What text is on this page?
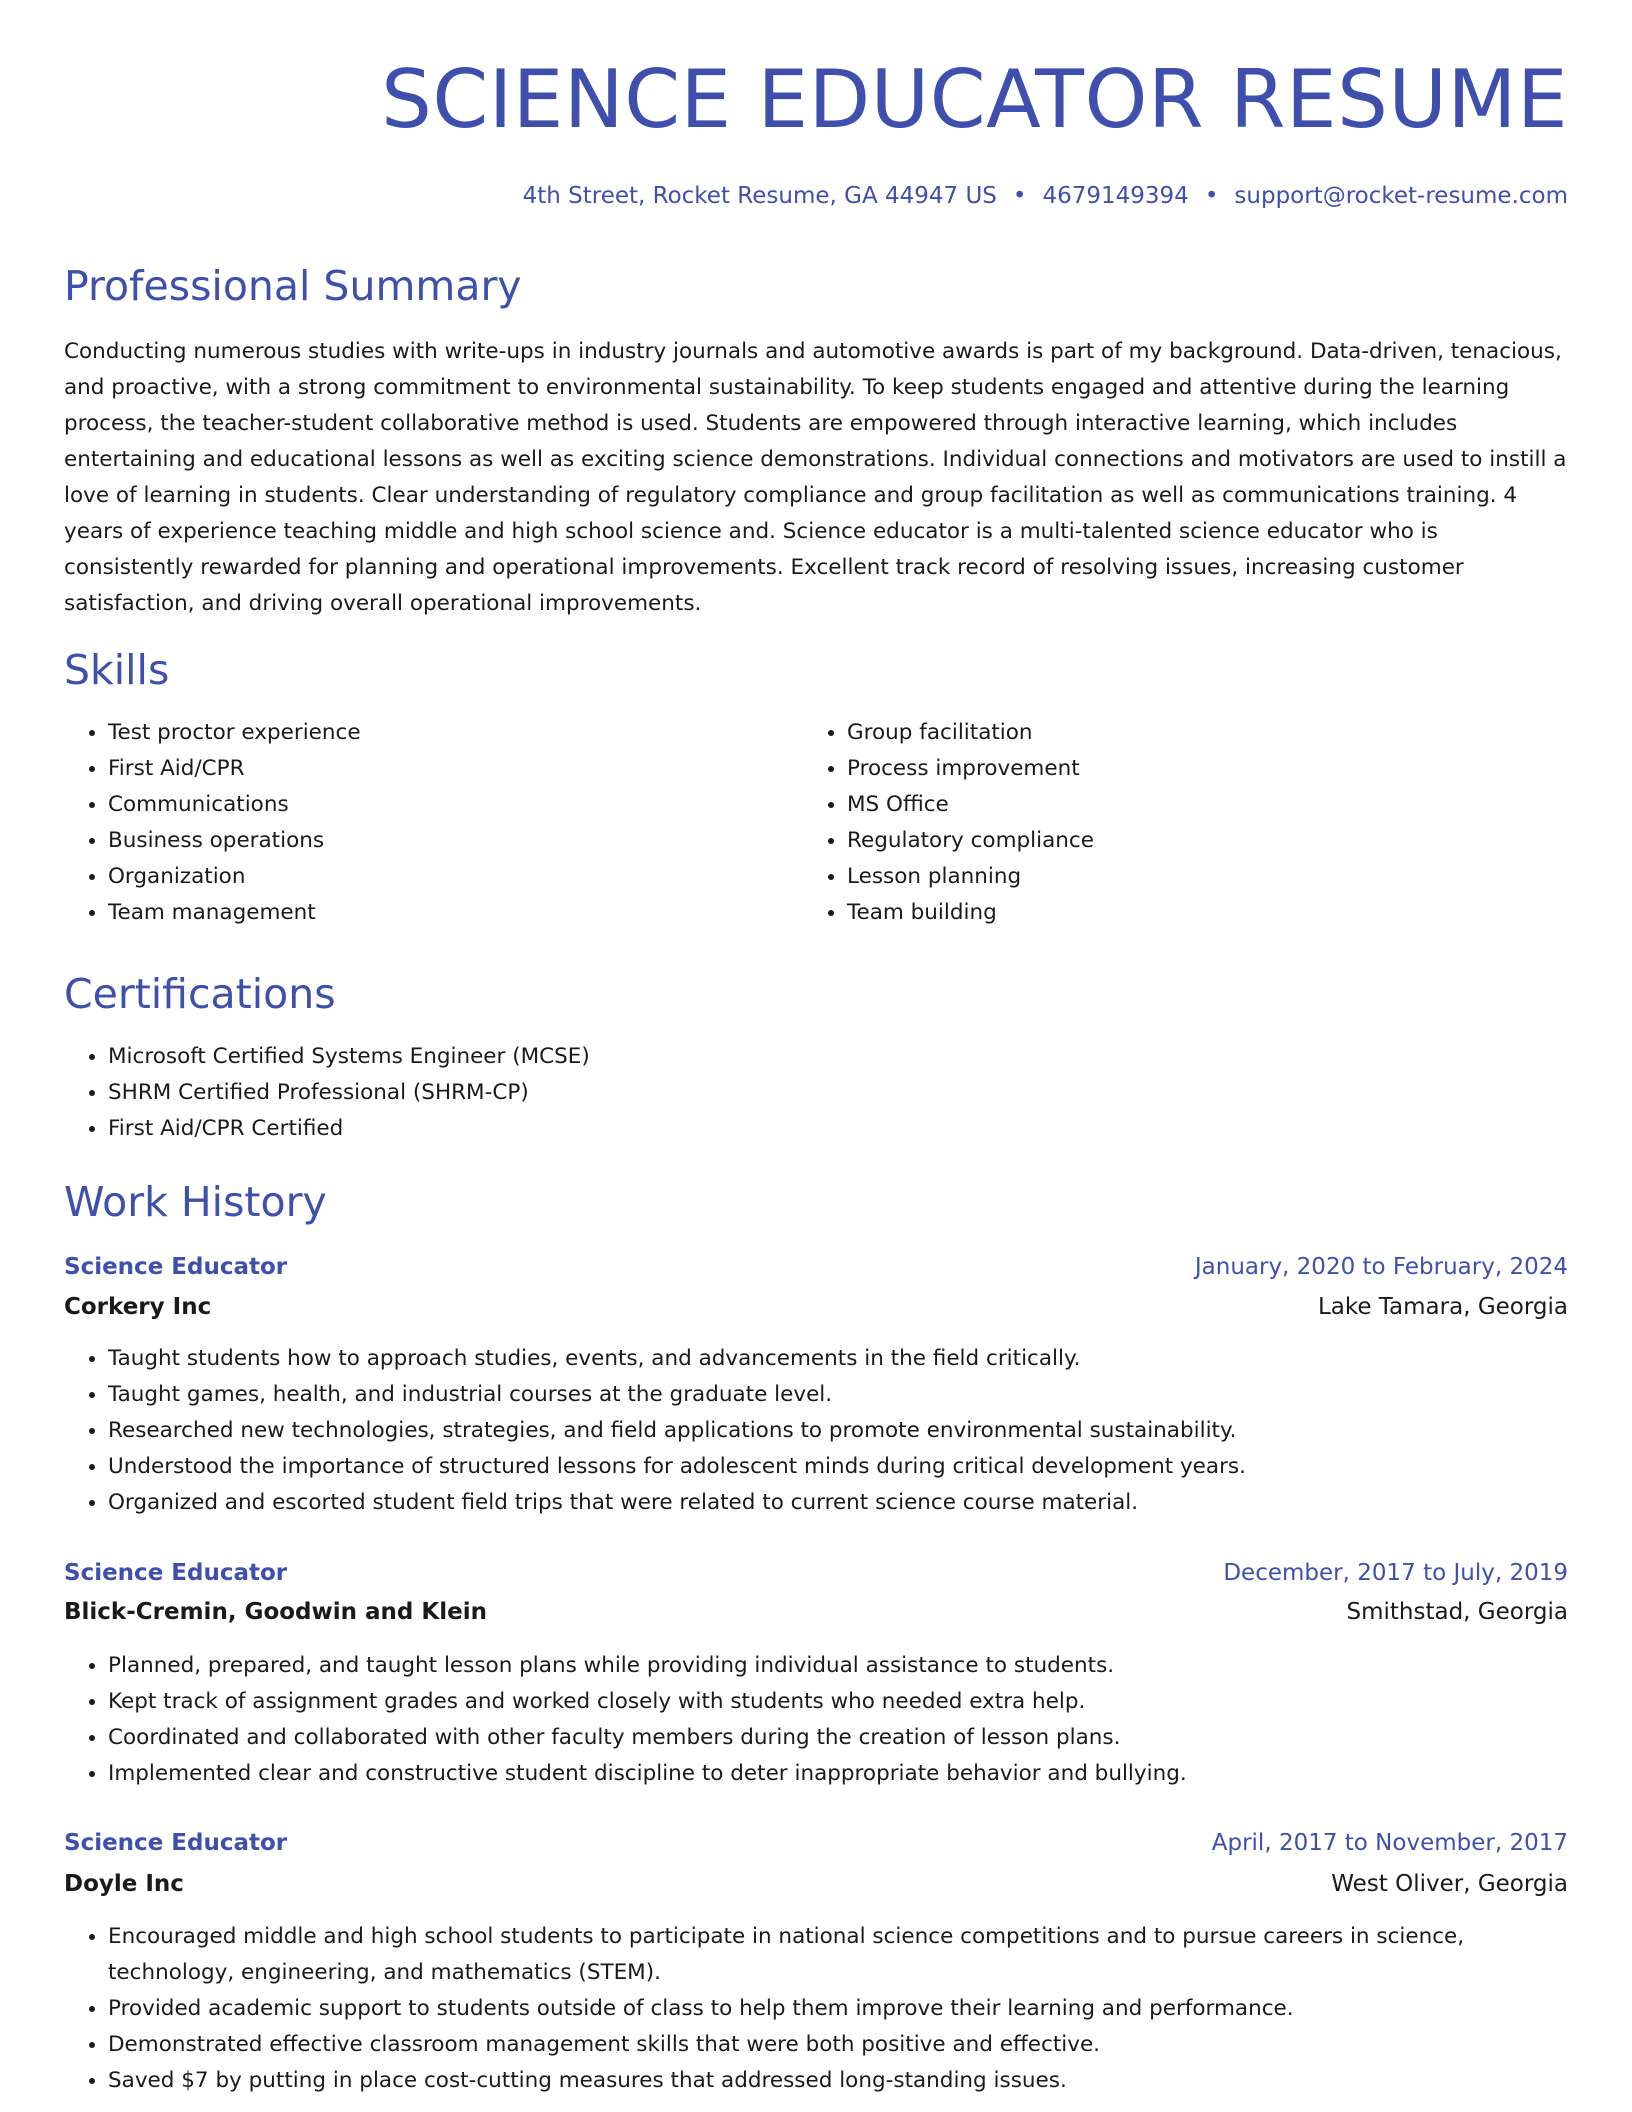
SCIENCE EDUCATOR RESUME
4th Street, Rocket Resume, GA 44947 US • 4679149394 • support@rocket-resume.com
Professional Summary

Conducting numerous studies with write-ups in industry journals and automotive awards is part of my background. Data-driven, tenacious, and proactive, with a strong commitment to environmental sustainability. To keep students engaged and attentive during the learning process, the teacher-student collaborative method is used. Students are empowered through interactive learning, which includes entertaining and educational lessons as well as exciting science demonstrations. Individual connections and motivators are used to instill a love of learning in students. Clear understanding of regulatory compliance and group facilitation as well as communications training. 4 years of experience teaching middle and high school science and. Science educator is a multi-talented science educator who is consistently rewarded for planning and operational improvements. Excellent track record of resolving issues, increasing customer satisfaction, and driving overall operational improvements.

Skills
• Test proctor experience
• First Aid/CPR
• Communications
• Business operations
• Organization
• Team management
• Group facilitation
• Process improvement
• MS Office
• Regulatory compliance
• Lesson planning
• Team building
Certifications
• Microsoft Certified Systems Engineer (MCSE)
• SHRM Certified Professional (SHRM-CP)
• First Aid/CPR Certified
Work History
Science Educator	January, 2020 to February, 2024
Corkery Inc	Lake Tamara, Georgia
• Taught students how to approach studies, events, and advancements in the field critically.
• Taught games, health, and industrial courses at the graduate level.
• Researched new technologies, strategies, and field applications to promote environmental sustainability.
• Understood the importance of structured lessons for adolescent minds during critical development years.
• Organized and escorted student field trips that were related to current science course material.
Science Educator	December, 2017 to July, 2019
Blick-Cremin, Goodwin and Klein	Smithstad, Georgia
• Planned, prepared, and taught lesson plans while providing individual assistance to students.
• Kept track of assignment grades and worked closely with students who needed extra help.
• Coordinated and collaborated with other faculty members during the creation of lesson plans.
• Implemented clear and constructive student discipline to deter inappropriate behavior and bullying.
Science Educator	April, 2017 to November, 2017
Doyle Inc	West Oliver, Georgia
• Encouraged middle and high school students to participate in national science competitions and to pursue careers in science, technology, engineering, and mathematics (STEM).
• Provided academic support to students outside of class to help them improve their learning and performance.
• Demonstrated effective classroom management skills that were both positive and effective.
• Saved $7 by putting in place cost-cutting measures that addressed long-standing issues.
